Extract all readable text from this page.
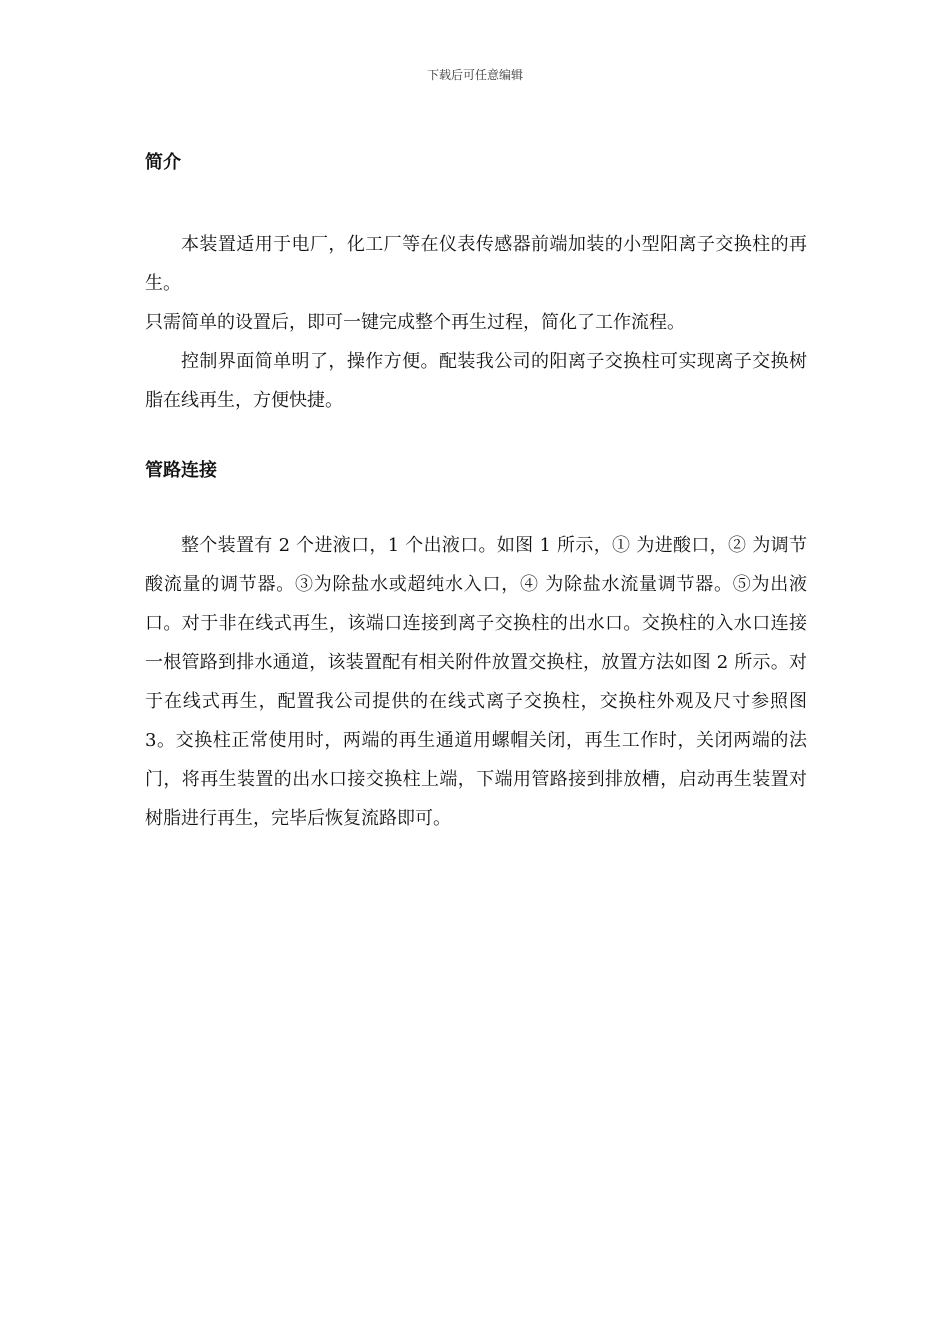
下载后可任意编辑
简介

本装置适用于电厂，化工厂等在仪表传感器前端加装的小型阳离子交换柱的再生。

只需简单的设置后，即可一键完成整个再生过程，简化了工作流程。

控制界面简单明了，操作方便。配装我公司的阳离子交换柱可实现离子交换树脂在线再生，方便快捷。

管路连接

整个装置有 2 个进液口，1 个出液口。如图 1 所示，① 为进酸口，② 为调节酸流量的调节器。③为除盐水或超纯水入口，④ 为除盐水流量调节器。⑤为出液口。对于非在线式再生，该端口连接到离子交换柱的出水口。交换柱的入水口连接一根管路到排水通道，该装置配有相关附件放置交换柱，放置方法如图 2 所示。对于在线式再生，配置我公司提供的在线式离子交换柱，交换柱外观及尺寸参照图 3。交换柱正常使用时，两端的再生通道用螺帽关闭，再生工作时，关闭两端的法门，将再生装置的出水口接交换柱上端，下端用管路接到排放槽，启动再生装置对树脂进行再生，完毕后恢复流路即可。
